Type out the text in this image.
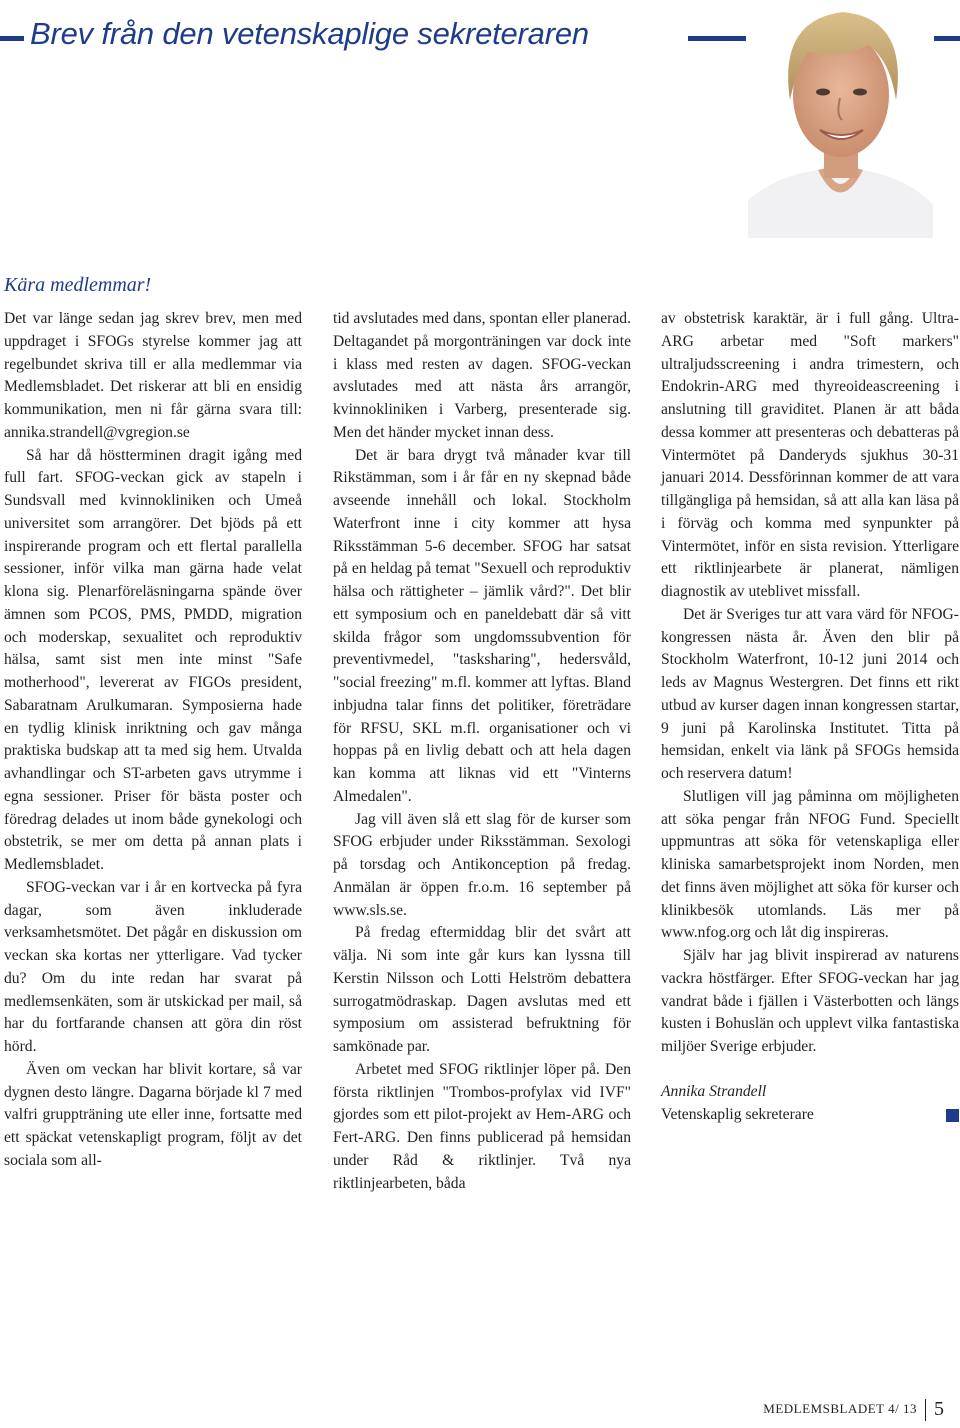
Brev från den vetenskaplige sekreteraren
Kära medlemmar!

Det var länge sedan jag skrev brev, men med uppdraget i SFOGs styrelse kommer jag att regelbundet skriva till er alla medlemmar via Medlemsbladet. Det riskerar att bli en ensidig kommunikation, men ni får gärna svara till: annika.strandell@vgregion.se

Så har då höstterminen dragit igång med full fart. SFOG-veckan gick av stapeln i Sundsvall med kvinnokliniken och Umeå universitet som arrangörer. Det bjöds på ett inspirerande program och ett flertal parallella sessioner, inför vilka man gärna hade velat klona sig. Plenarföreläsningarna spände över ämnen som PCOS, PMS, PMDD, migration och moderskap, sexualitet och reproduktiv hälsa, samt sist men inte minst "Safe motherhood", levererat av FIGOs president, Sabaratnam Arulkumaran. Symposierna hade en tydlig klinisk inriktning och gav många praktiska budskap att ta med sig hem. Utvalda avhandlingar och ST-arbeten gavs utrymme i egna sessioner. Priser för bästa poster och föredrag delades ut inom både gynekologi och obstetrik, se mer om detta på annan plats i Medlemsbladet.

SFOG-veckan var i år en kortvecka på fyra dagar, som även inkluderade verksamhetsmötet. Det pågår en diskussion om veckan ska kortas ner ytterligare. Vad tycker du? Om du inte redan har svarat på medlemsenkäten, som är utskickad per mail, så har du fortfarande chansen att göra din röst hörd.

Även om veckan har blivit kortare, så var dygnen desto längre. Dagarna började kl 7 med valfri gruppträning ute eller inne, fortsatte med ett späckat vetenskapligt program, följt av det sociala som all-

tid avslutades med dans, spontan eller planerad. Deltagandet på morgonträningen var dock inte i klass med resten av dagen. SFOG-veckan avslutades med att nästa års arrangör, kvinnokliniken i Varberg, presenterade sig. Men det händer mycket innan dess.

Det är bara drygt två månader kvar till Rikstämman, som i år får en ny skepnad både avseende innehåll och lokal. Stockholm Waterfront inne i city kommer att hysa Riksstämman 5-6 december. SFOG har satsat på en heldag på temat "Sexuell och reproduktiv hälsa och rättigheter – jämlik vård?". Det blir ett symposium och en paneldebatt där så vitt skilda frågor som ungdomssubvention för preventivmedel, "tasksharing", hedersvåld, "social freezing" m.fl. kommer att lyftas. Bland inbjudna talar finns det politiker, företrädare för RFSU, SKL m.fl. organisationer och vi hoppas på en livlig debatt och att hela dagen kan komma att liknas vid ett "Vinterns Almedalen".

Jag vill även slå ett slag för de kurser som SFOG erbjuder under Riksstämman. Sexologi på torsdag och Antikonception på fredag. Anmälan är öppen fr.o.m. 16 september på www.sls.se.

På fredag eftermiddag blir det svårt att välja. Ni som inte går kurs kan lyssna till Kerstin Nilsson och Lotti Helström debattera surrogatmödraskap. Dagen avslutas med ett symposium om assisterad befruktning för samkönade par.

Arbetet med SFOG riktlinjer löper på. Den första riktlinjen "Trombos-profylax vid IVF" gjordes som ett pilot-projekt av Hem-ARG och Fert-ARG. Den finns publicerad på hemsidan under Råd & riktlinjer. Två nya riktlinjearbeten, båda

av obstetrisk karaktär, är i full gång. Ultra-ARG arbetar med "Soft markers" ultraljudsscreening i andra trimestern, och Endokrin-ARG med thyreoideascreening i anslutning till graviditet. Planen är att båda dessa kommer att presenteras och debatteras på Vintermötet på Danderyds sjukhus 30-31 januari 2014. Dessförinnan kommer de att vara tillgängliga på hemsidan, så att alla kan läsa på i förväg och komma med synpunkter på Vintermötet, inför en sista revision. Ytterligare ett riktlinjearbete är planerat, nämligen diagnostik av uteblivet missfall.

Det är Sveriges tur att vara värd för NFOG-kongressen nästa år. Även den blir på Stockholm Waterfront, 10-12 juni 2014 och leds av Magnus Westergren. Det finns ett rikt utbud av kurser dagen innan kongressen startar, 9 juni på Karolinska Institutet. Titta på hemsidan, enkelt via länk på SFOGs hemsida och reservera datum!

Slutligen vill jag påminna om möjligheten att söka pengar från NFOG Fund. Speciellt uppmuntras att söka för vetenskapliga eller kliniska samarbetsprojekt inom Norden, men det finns även möjlighet att söka för kurser och klinikbesök utomlands. Läs mer på www.nfog.org och låt dig inspireras.

Själv har jag blivit inspirerad av naturens vackra höstfärger. Efter SFOG-veckan har jag vandrat både i fjällen i Västerbotten och längs kusten i Bohuslän och upplevt vilka fantastiska miljöer Sverige erbjuder.

Annika Strandell

Vetenskaplig sekreterare

MEDLEMSBLADET 4/ 13 5
